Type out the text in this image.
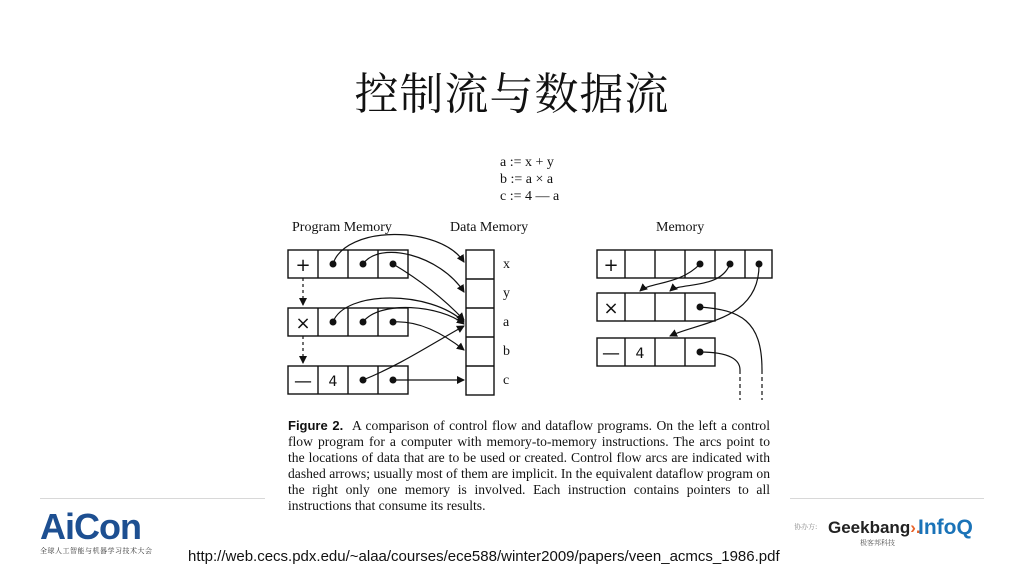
控制流与数据流
a := x + y
b := a × a
c := 4 — a
Program Memory	Data Memory	Memory
+
×
— 4
x
y
a
b
c
+
×
— 4
Figure 2. A comparison of control flow and dataflow programs. On the left a control flow program for a computer with memory-to-memory instructions. The arcs point to the locations of data that are to be used or created. Control flow arcs are indicated with dashed arrows; usually most of them are implicit. In the equivalent dataflow program on the right only one memory is involved. Each instruction contains pointers to all instructions that consume its results.
AiCon
全球人工智能与机器学习技术大会
协办方: Geekbang›.
极客邦科技
InfoQ
http://web.cecs.pdx.edu/~alaa/courses/ece588/winter2009/papers/veen_acmcs_1986.pdf
